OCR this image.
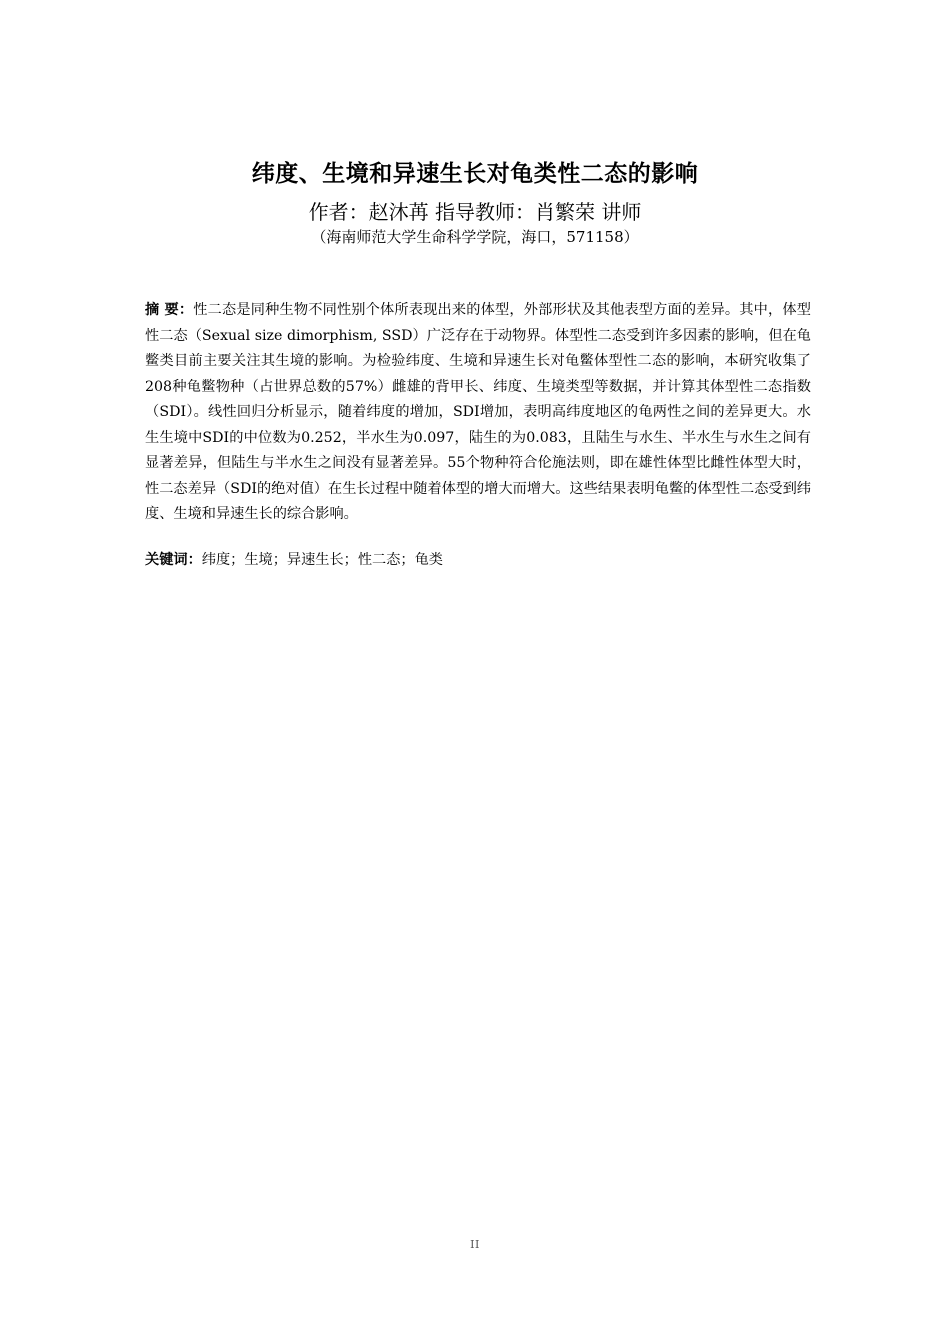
纬度、生境和异速生长对龟类性二态的影响
作者：赵沐苒 指导教师：肖繁荣 讲师
（海南师范大学生命科学学院，海口，571158）
摘 要：性二态是同种生物不同性别个体所表现出来的体型，外部形状及其他表型方面的差异。其中，体型性二态（Sexual size dimorphism, SSD）广泛存在于动物界。体型性二态受到许多因素的影响，但在龟鳖类目前主要关注其生境的影响。为检验纬度、生境和异速生长对龟鳖体型性二态的影响，本研究收集了208种龟鳖物种（占世界总数的57%）雌雄的背甲长、纬度、生境类型等数据，并计算其体型性二态指数（SDI）。线性回归分析显示，随着纬度的增加，SDI增加，表明高纬度地区的龟两性之间的差异更大。水生生境中SDI的中位数为0.252，半水生为0.097，陆生的为0.083，且陆生与水生、半水生与水生之间有显著差异，但陆生与半水生之间没有显著差异。55个物种符合伦施法则，即在雄性体型比雌性体型大时，性二态差异（SDI的绝对值）在生长过程中随着体型的增大而增大。这些结果表明龟鳖的体型性二态受到纬度、生境和异速生长的综合影响。
关键词：纬度；生境；异速生长；性二态；龟类
II
